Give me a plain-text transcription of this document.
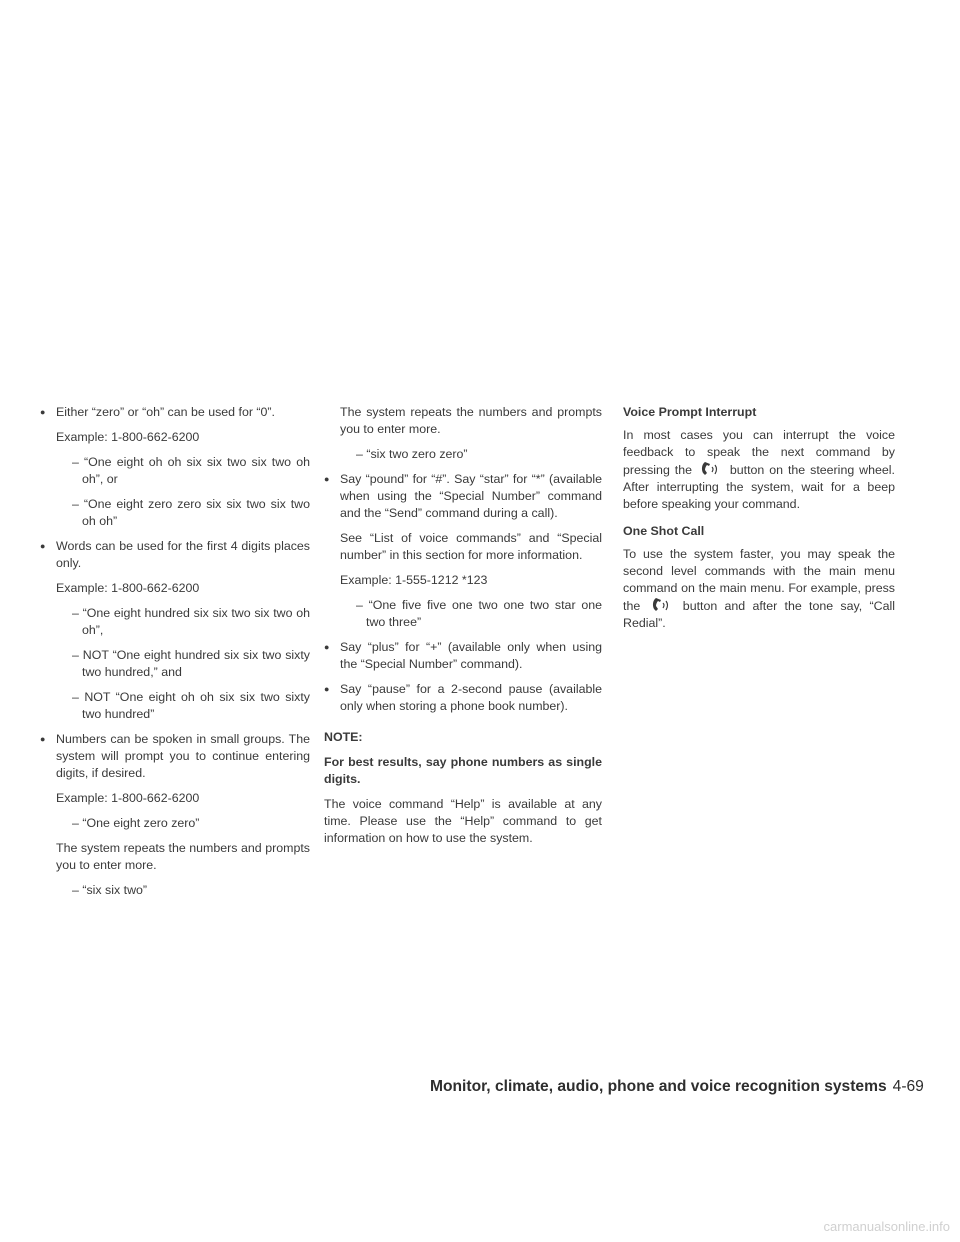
● Either “zero” or “oh” can be used for “0”.
Example: 1-800-662-6200
– “One eight oh oh six six two six two oh oh”, or
– “One eight zero zero six six two six two oh oh”
● Words can be used for the first 4 digits places only.
Example: 1-800-662-6200
– “One eight hundred six six two six two oh oh”,
– NOT “One eight hundred six six two sixty two hundred,” and
– NOT “One eight oh oh six six two sixty two hundred”
● Numbers can be spoken in small groups. The system will prompt you to continue entering digits, if desired.
Example: 1-800-662-6200
– “One eight zero zero”
The system repeats the numbers and prompts you to enter more.
– “six six two”
The system repeats the numbers and prompts you to enter more.
– “six two zero zero”
● Say “pound” for “#”. Say “star” for “*” (available when using the “Special Number” command and the “Send” command during a call).
See “List of voice commands” and “Special number” in this section for more information.
Example: 1-555-1212 *123
– “One five five one two one two star one two three”
● Say “plus” for “+” (available only when using the “Special Number” command).
● Say “pause” for a 2-second pause (available only when storing a phone book number).

NOTE:

For best results, say phone numbers as single digits.

The voice command “Help” is available at any time. Please use the “Help” command to get information on how to use the system.

Voice Prompt Interrupt

In most cases you can interrupt the voice feedback to speak the next command by pressing the	button on the steering wheel. After interrupting the system, wait for a beep before speaking your command.

One Shot Call

To use the system faster, you may speak the second level commands with the main menu command on the main menu. For example, press the	button and after the tone say, “Call Redial”.

Monitor, climate, audio, phone and voice recognition systems 4-69
carmanualsonline.info
